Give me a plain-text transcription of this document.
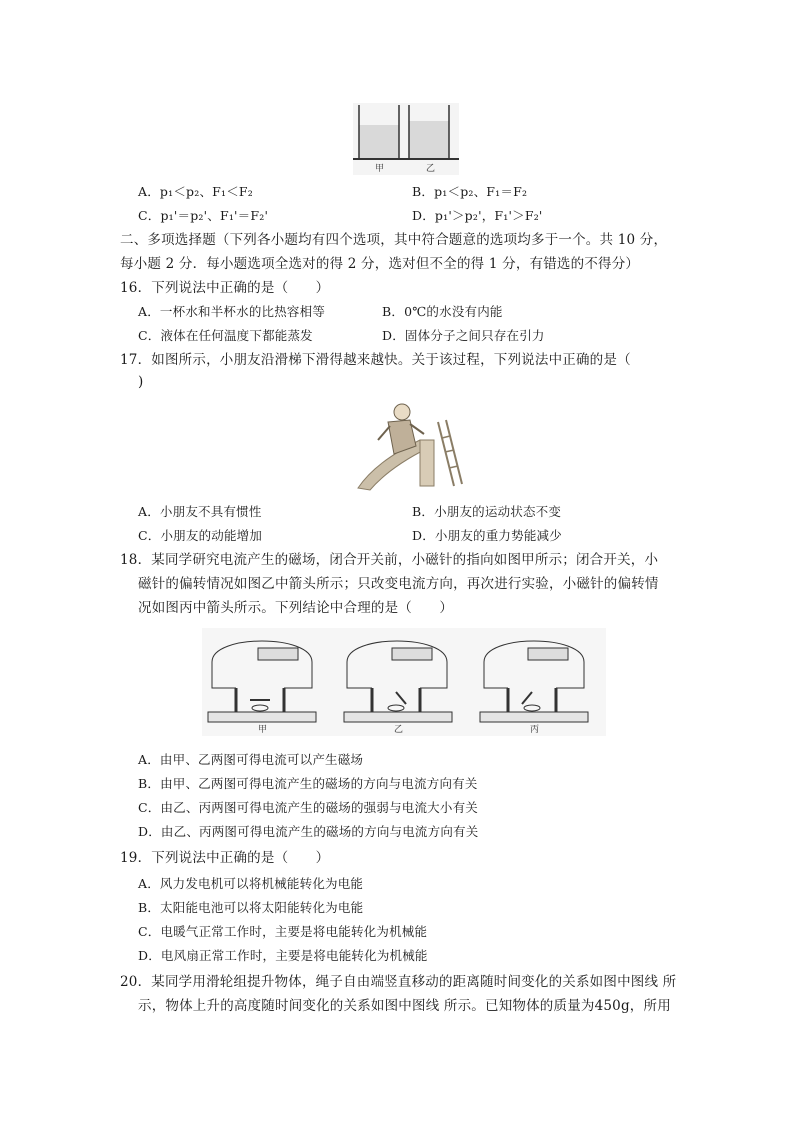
甲	乙
A．p₁＜p₂、F₁＜F₂	B．p₁＜p₂、F₁＝F₂
C．p₁'＝p₂'、F₁'＝F₂'	D．p₁'＞p₂'，F₁'＞F₂'
二、多项选择题（下列各小题均有四个选项，其中符合题意的选项均多于一个。共 10 分，
每小题 2 分．每小题选项全选对的得 2 分，选对但不全的得 1 分，有错选的不得分）
16．下列说法中正确的是（　　）
A．一杯水和半杯水的比热容相等	B．0℃的水没有内能
C．液体在任何温度下都能蒸发	D．固体分子之间只存在引力
17．如图所示，小朋友沿滑梯下滑得越来越快。关于该过程，下列说法中正确的是（
)
A．小朋友不具有惯性	B．小朋友的运动状态不变
C．小朋友的动能增加	D．小朋友的重力势能减少
18．某同学研究电流产生的磁场，闭合开关前，小磁针的指向如图甲所示；闭合开关，小
磁针的偏转情况如图乙中箭头所示；只改变电流方向，再次进行实验，小磁针的偏转情
况如图丙中箭头所示。下列结论中合理的是（　　）
甲	乙	丙
A．由甲、乙两图可得电流可以产生磁场
B．由甲、乙两图可得电流产生的磁场的方向与电流方向有关
C．由乙、丙两图可得电流产生的磁场的强弱与电流大小有关
D．由乙、丙两图可得电流产生的磁场的方向与电流方向有关
19．下列说法中正确的是（　　）
A．风力发电机可以将机械能转化为电能
B．太阳能电池可以将太阳能转化为电能
C．电暖气正常工作时，主要是将电能转化为机械能
D．电风扇正常工作时，主要是将电能转化为机械能
20．某同学用滑轮组提升物体，绳子自由端竖直移动的距离随时间变化的关系如图中图线 所
示，物体上升的高度随时间变化的关系如图中图线 所示。已知物体的质量为450g，所用
